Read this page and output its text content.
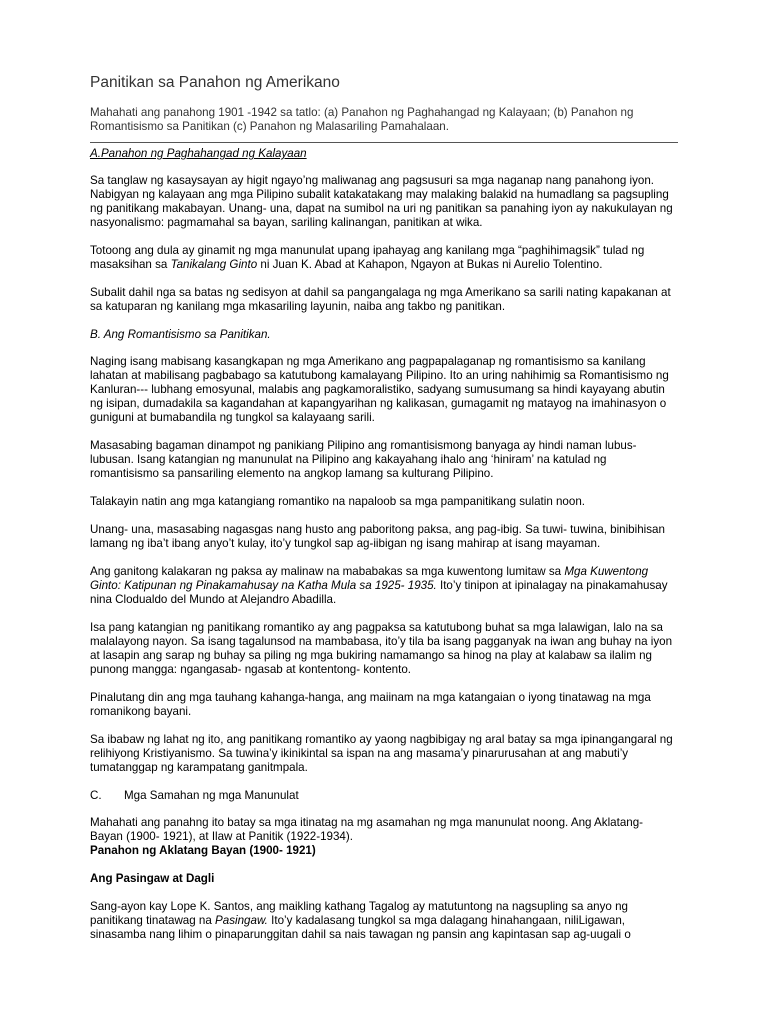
Panitikan sa Panahon ng Amerikano

Mahahati ang panahong 1901 -1942 sa tatlo: (a) Panahon ng Paghahangad ng Kalayaan; (b) Panahon ng Romantisismo sa Panitikan (c) Panahon ng Malasariling Pamahalaan.

A.Panahon ng Paghahangad ng Kalayaan

Sa tanglaw ng kasaysayan ay higit ngayo’ng maliwanag ang pagsusuri sa mga naganap nang panahong iyon. Nabigyan ng kalayaan ang mga Pilipino subalit katakatakang may malaking balakid na humadlang sa pagsupling ng panitikang makabayan. Unang- una, dapat na sumibol na uri ng panitikan sa panahing iyon ay nakukulayan ng nasyonalismo: pagmamahal sa bayan, sariling kalinangan, panitikan at wika.

Totoong ang dula ay ginamit ng mga manunulat upang ipahayag ang kanilang mga “paghihimagsik” tulad ng masaksihan sa Tanikalang Ginto ni Juan K. Abad at Kahapon, Ngayon at Bukas ni Aurelio Tolentino.

Subalit dahil nga sa batas ng sedisyon at dahil sa pangangalaga ng mga Amerikano sa sarili nating kapakanan at sa katuparan ng kanilang mga mkasariling layunin, naiba ang takbo ng panitikan.

B. Ang Romantisismo sa Panitikan.

Naging isang mabisang kasangkapan ng mga Amerikano ang pagpapalaganap ng romantisismo sa kanilang lahatan at mabilisang pagbabago sa katutubong kamalayang Pilipino. Ito an uring nahihimig sa Romantisismo ng Kanluran--- lubhang emosyunal, malabis ang pagkamoralistiko, sadyang sumusumang sa hindi kayayang abutin ng isipan, dumadakila sa kagandahan at kapangyarihan ng kalikasan, gumagamit ng matayog na imahinasyon o guniguni at bumabandila ng tungkol sa kalayaang sarili.

Masasabing bagaman dinampot ng panikiang Pilipino ang romantisismong banyaga ay hindi naman lubus-lubusan. Isang katangian ng manunulat na Pilipino ang kakayahang ihalo ang ‘hiniram’ na katulad ng romantisismo sa pansariling elemento na angkop lamang sa kulturang Pilipino.

Talakayin natin ang mga katangiang romantiko na napaloob sa mga pampanitikang sulatin noon.

Unang- una, masasabing nagasgas nang husto ang paboritong paksa, ang pag-ibig. Sa tuwi- tuwina, binibihisan lamang ng iba’t ibang anyo’t kulay, ito’y tungkol sap ag-iibigan ng isang mahirap at isang mayaman.

Ang ganitong kalakaran ng paksa ay malinaw na mababakas sa mga kuwentong lumitaw sa Mga Kuwentong Ginto: Katipunan ng Pinakamahusay na Katha Mula sa 1925- 1935. Ito’y tinipon at ipinalagay na pinakamahusay nina Clodualdo del Mundo at Alejandro Abadilla.

Isa pang katangian ng panitikang romantiko ay ang pagpaksa sa katutubong buhat sa mga lalawigan, lalo na sa malalayong nayon. Sa isang tagalunsod na mambabasa, ito’y tila ba isang pagganyak na iwan ang buhay na iyon at lasapin ang sarap ng buhay sa piling ng mga bukiring namamango sa hinog na play at kalabaw sa ilalim ng punong mangga: ngangasab- ngasab at kontentong- kontento.

Pinalutang din ang mga tauhang kahanga-hanga, ang maiinam na mga katangaian o iyong tinatawag na mga romanikong bayani.

Sa ibabaw ng lahat ng ito, ang panitikang romantiko ay yaong nagbibigay ng aral batay sa mga ipinangangaral ng relihiyong Kristiyanismo. Sa tuwina’y ikinikintal sa ispan na ang masama’y pinarurusahan at ang mabuti’y tumatanggap ng karampatang ganitmpala.

C. Mga Samahan ng mga Manunulat

Mahahati ang panahng ito batay sa mga itinatag na mg asamahan ng mga manunulat noong. Ang Aklatang- Bayan (1900- 1921), at Ilaw at Panitik (1922-1934).
Panahon ng Aklatang Bayan (1900- 1921)

Ang Pasingaw at Dagli

Sang-ayon kay Lope K. Santos, ang maikling kathang Tagalog ay matutuntong na nagsupling sa anyo ng panitikang tinatawag na Pasingaw. Ito’y kadalasang tungkol sa mga dalagang hinahangaan, niliLigawan, sinasamba nang lihim o pinaparunggitan dahil sa nais tawagan ng pansin ang kapintasan sap ag-uugali o
